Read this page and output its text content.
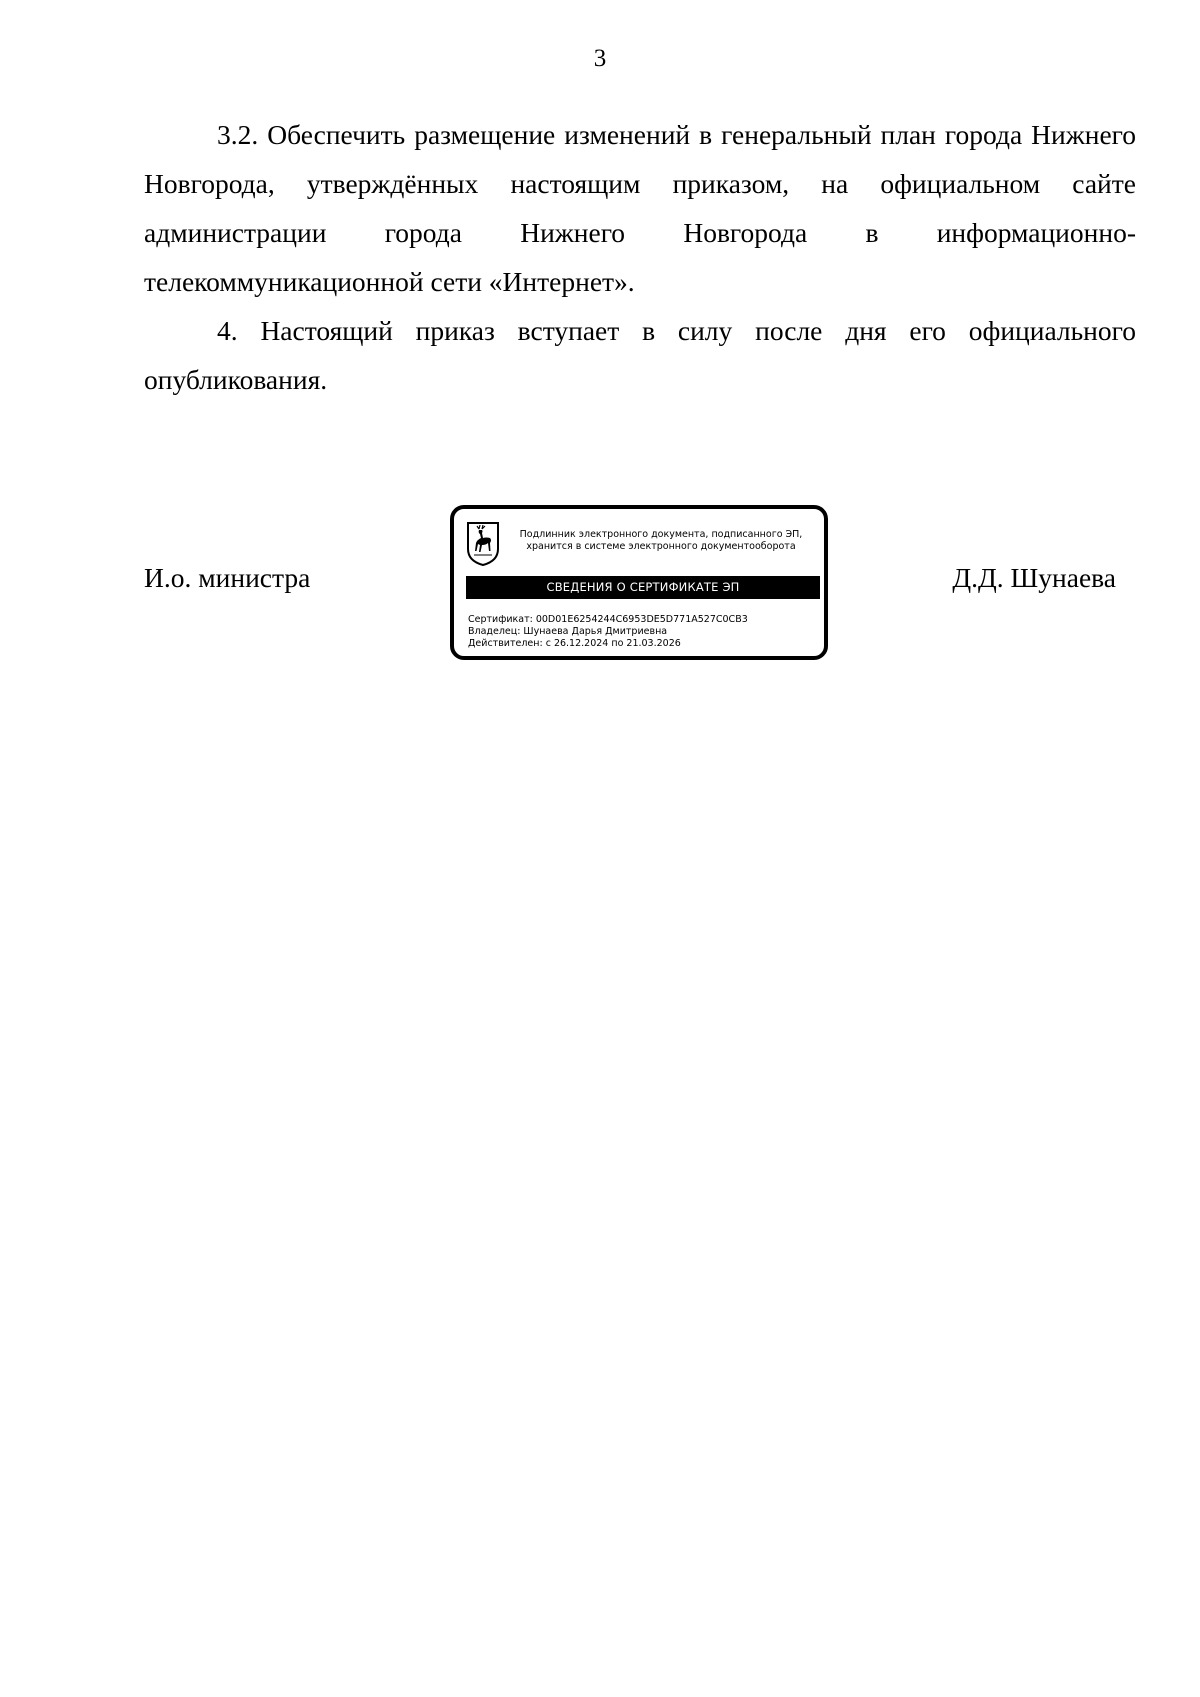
3

3.2. Обеспечить размещение изменений в генеральный план города Нижнего Новгорода, утверждённых настоящим приказом, на официальном сайте администрации города Нижнего Новгорода в информационно-телекоммуникационной сети «Интернет».

4. Настоящий приказ вступает в силу после дня его официального опубликования.

И.о. министра
Подлинник электронного документа, подписанного ЭП,
хранится в системе электронного документооборота
СВЕДЕНИЯ О СЕРТИФИКАТЕ ЭП
Сертификат: 00D01E6254244C6953DE5D771A527C0CB3
Владелец: Шунаева Дарья Дмитриевна
Действителен: с 26.12.2024 по 21.03.2026
Д.Д. Шунаева
